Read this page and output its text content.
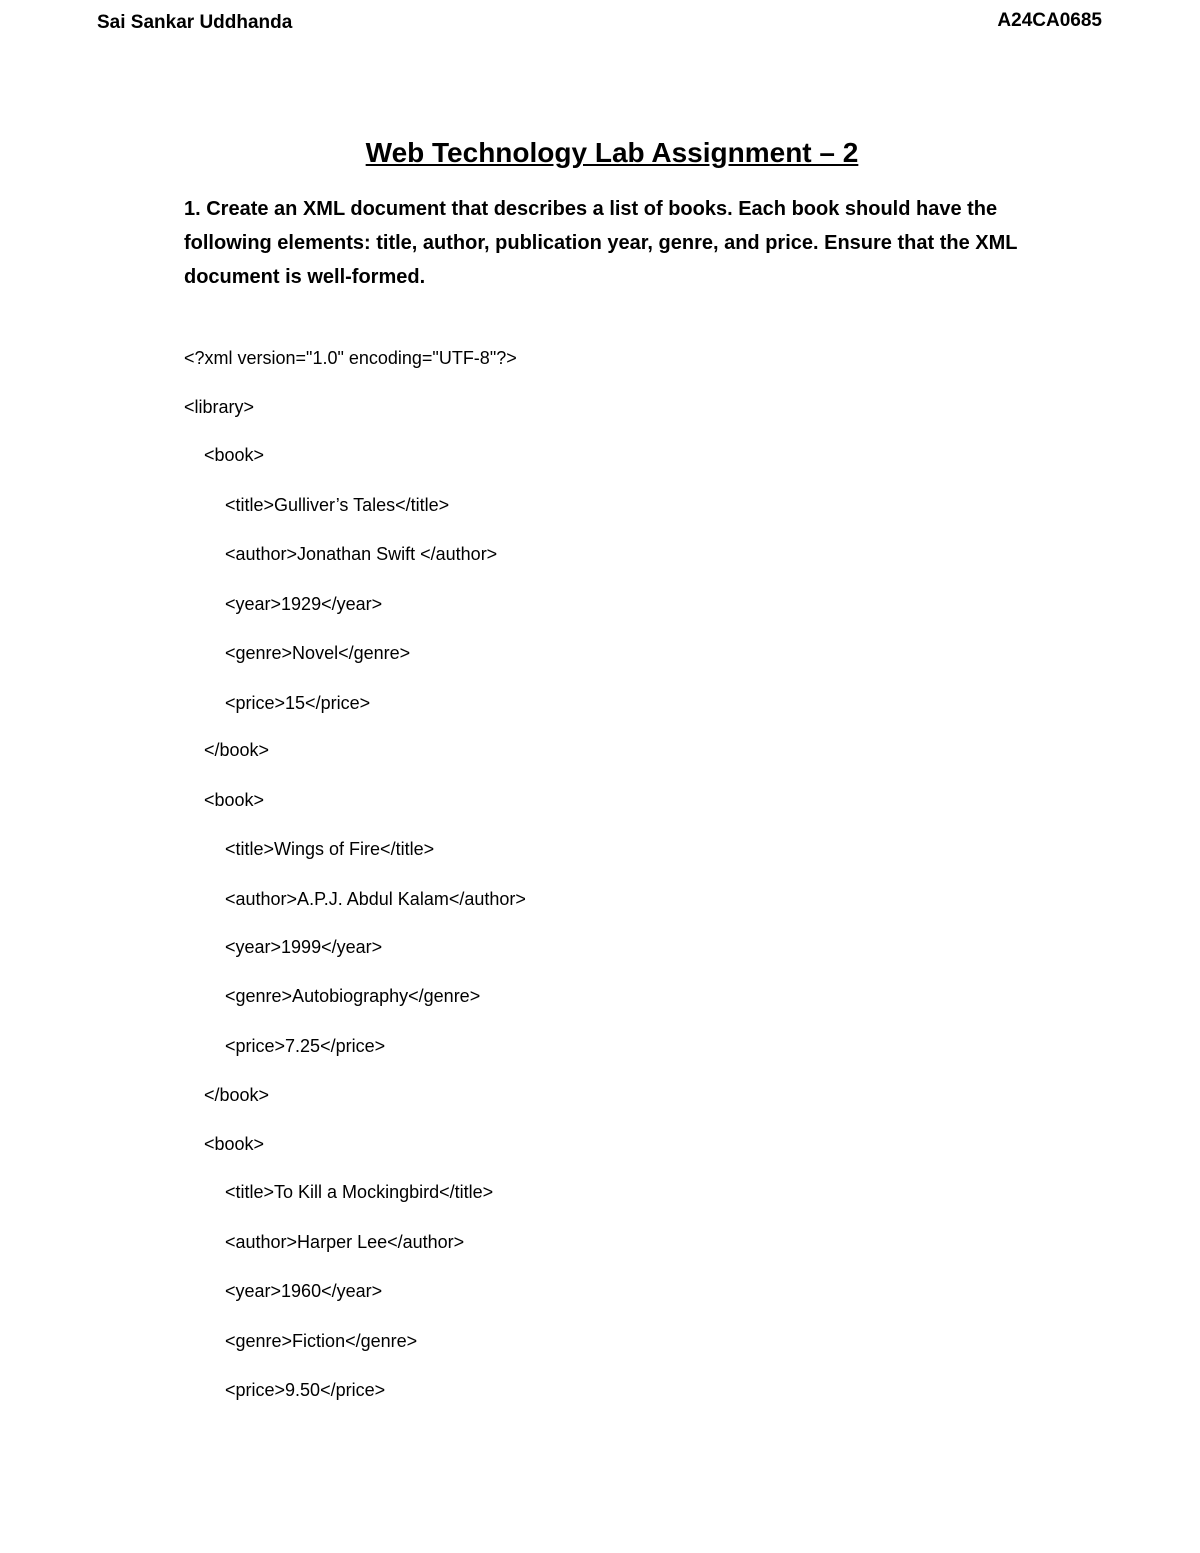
Sai Sankar Uddhanda	A24CA0685
Web Technology Lab Assignment – 2
1. Create an XML document that describes a list of books. Each book should have the following elements: title, author, publication year, genre, and price. Ensure that the XML document is well-formed.
<?xml version="1.0" encoding="UTF-8"?>
<library>
<book>
<title>Gulliver’s Tales</title>
<author>Jonathan Swift </author>
<year>1929</year>
<genre>Novel</genre>
<price>15</price>
</book>
<book>
<title>Wings of Fire</title>
<author>A.P.J. Abdul Kalam</author>
<year>1999</year>
<genre>Autobiography</genre>
<price>7.25</price>
</book>
<book>
<title>To Kill a Mockingbird</title>
<author>Harper Lee</author>
<year>1960</year>
<genre>Fiction</genre>
<price>9.50</price>
